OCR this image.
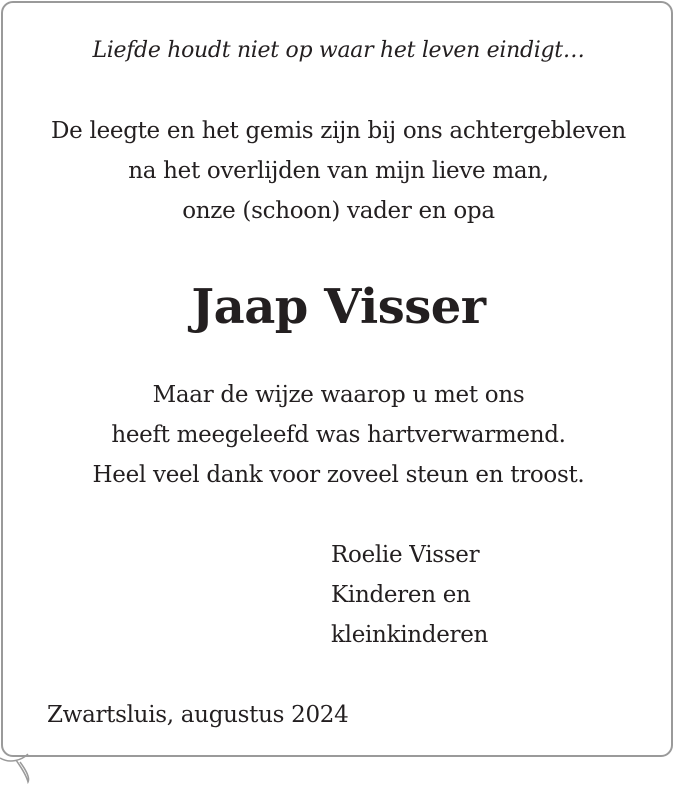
Liefde houdt niet op waar het leven eindigt…
De leegte en het gemis zijn bij ons achtergebleven
na het overlijden van mijn lieve man,
onze (schoon) vader en opa
Jaap Visser
Maar de wijze waarop u met ons
heeft meegeleefd was hartverwarmend.
Heel veel dank voor zoveel steun en troost.
Roelie Visser
Kinderen en
kleinkinderen
Zwartsluis, augustus 2024
